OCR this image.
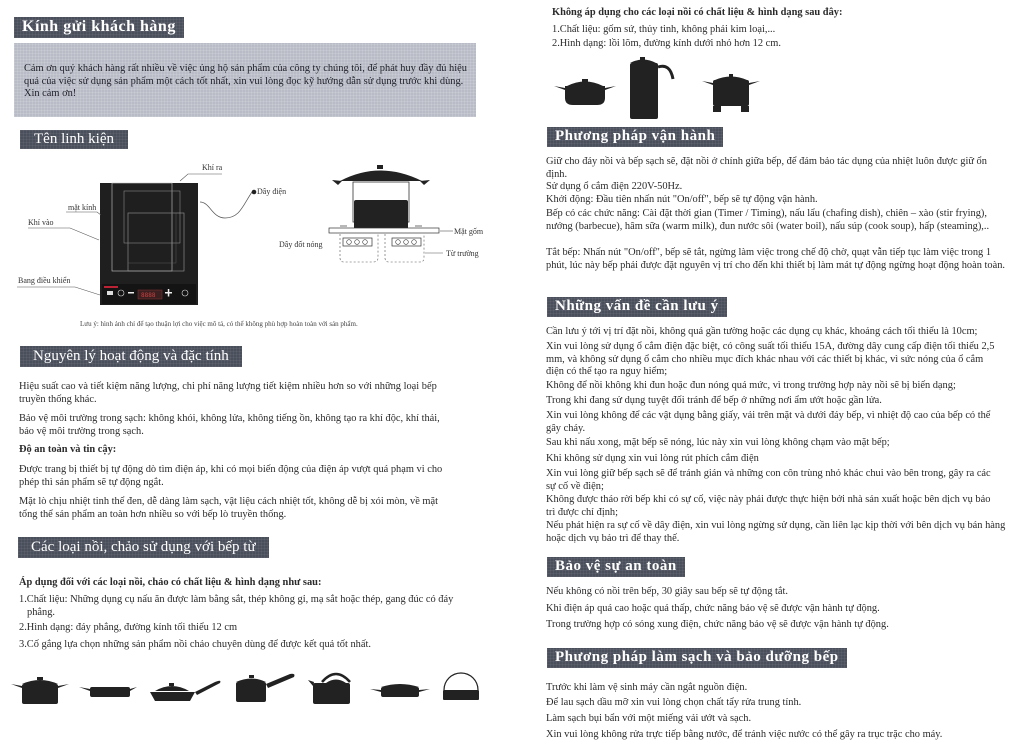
Kính gửi khách hàng
Cảm ơn quý khách hàng rất nhiều về việc ủng hộ sản phẩm của công ty chúng tôi, để phát huy đầy đủ hiệu quả của việc sử dụng sản phẩm một cách tốt nhất, xin vui lòng đọc kỹ hướng dẫn sử dụng trước khi dùng. Xin cảm ơn!
Tên linh kiện
8888
Khí ra
Dây điện
mặt kính
Khí vào
Bang điều khiển
Mặt gốm
Dây đốt nóng
Từ trường
Lưu ý: hình ảnh chỉ để tạo thuận lợi cho việc mô tả, có thể không phù hợp hoàn toàn với sản phẩm.
Nguyên lý hoạt động và đặc tính
Hiệu suất cao và tiết kiệm năng lượng, chi phí năng lượng tiết kiệm nhiều hơn so với những loại bếp truyền thống khác.
Bảo vệ môi trường trong sạch: không khói, không lửa, không tiếng ồn, không tạo ra khí độc, khí thải, bảo vệ môi trường trong sạch.
Độ an toàn và tin cậy:
Được trang bị thiết bị tự động dò tìm điện áp, khi có mọi biến động của điện áp vượt quá phạm vi cho phép thì sản phẩm sẽ tự động ngắt.
Mặt lò chịu nhiệt tinh thể đen, dễ dàng làm sạch, vật liệu cách nhiệt tốt, không dễ bị xói mòn, về mặt tổng thể sản phẩm an toàn hơn nhiều so với bếp lò truyền thống.
Các loại nồi, chảo sử dụng với bếp từ
Áp dụng đối với các loại nồi, chảo có chất liệu & hình dạng như sau:
1.Chất liệu: Những dụng cụ nấu ăn được làm bằng sắt, thép không gỉ, mạ sắt hoặc thép, gang đúc có đáy phẳng.
2.Hình dạng: đáy phẳng, đường kính tối thiểu 12 cm
3.Cố gắng lựa chọn những sản phẩm nồi chảo chuyên dùng để được kết quả tốt nhất.
Không áp dụng cho các loại nồi có chất liệu & hình dạng sau đây:
1.Chất liệu: gốm sứ, thủy tinh, không phải kim loại,...
2.Hình dạng: lồi lõm, đường kính dưới nhỏ hơn 12 cm.
Phương pháp vận hành
Giữ cho đáy nồi và bếp sạch sẽ, đặt nồi ở chính giữa bếp, để đảm bảo tác dụng của nhiệt luôn được giữ ổn định.
Sử dụng ổ cắm điện 220V-50Hz.
Khởi động: Đầu tiên nhấn nút "On/off", bếp sẽ tự động vận hành.
Bếp có các chức năng: Cài đặt thời gian (Timer / Timing), nấu lẩu (chafing dish), chiên – xào (stir frying), nướng (barbecue), hâm sữa (warm milk), đun nước sôi (water boil), nấu súp (cook soup), hấp (steaming),..
Tắt bếp: Nhấn nút "On/off", bếp sẽ tắt, ngừng làm việc trong chế độ chờ, quạt vẫn tiếp tục làm việc trong 1 phút, lúc này bếp phải được đặt nguyên vị trí cho đến khi thiết bị làm mát tự động ngừng hoạt động hoàn toàn.
Những vấn đề cần lưu ý
Cần lưu ý tới vị trí đặt nồi, không quá gần tường hoặc các dụng cụ khác, khoảng cách tối thiểu là 10cm;
Xin vui lòng sử dụng ổ cắm điện đặc biệt, có công suất tối thiểu 15A, đường dây cung cấp điện tối thiểu 2,5 mm, và không sử dụng ổ cắm cho nhiều mục đích khác nhau với các thiết bị khác, vì sức nóng của ổ cắm điện có thể tạo ra nguy hiểm;
Không để nồi không khi đun hoặc đun nóng quá mức, vì trong trường hợp này nồi sẽ bị biến dạng;
Trong khi đang sử dụng tuyệt đối tránh để bếp ở những nơi ẩm ướt hoặc gần lửa.
Xin vui lòng không để các vật dụng bằng giấy, vải trên mặt và dưới đáy bếp, vì nhiệt độ cao của bếp có thể gây cháy.
Sau khi nấu xong, mặt bếp sẽ nóng, lúc này xin vui lòng không chạm vào mặt bếp;
Khi không sử dụng xin vui lòng rút phích cắm điện
Xin vui lòng giữ bếp sạch sẽ để tránh gián và những con côn trùng nhỏ khác chui vào bên trong, gây ra các sự cố về điện;
Không được tháo rời bếp khi có sự cố, việc này phải được thực hiện bởi nhà sản xuất hoặc bên dịch vụ bảo trì được chỉ định;
Nếu phát hiện ra sự cố về dây điện, xin vui lòng ngừng sử dụng, cần liên lạc kịp thời với bên dịch vụ bán hàng hoặc dịch vụ bảo trì để thay thế.
Bảo vệ sự an toàn
Nếu không có nồi trên bếp, 30 giây sau bếp sẽ tự động tắt.
Khi điện áp quá cao hoặc quá thấp, chức năng bảo vệ sẽ được vận hành tự động.
Trong trường hợp có sóng xung điện, chức năng bảo vệ sẽ được vận hành tự động.
Phương pháp làm sạch và bảo dưỡng bếp
Trước khi làm vệ sinh máy cần ngắt nguồn điện.
Để lau sạch dầu mỡ xin vui lòng chọn chất tẩy rửa trung tính.
Làm sạch bụi bẩn với một miếng vải ướt và sạch.
Xin vui lòng không rửa trực tiếp bằng nước, để tránh việc nước có thể gây ra trục trặc cho máy.
